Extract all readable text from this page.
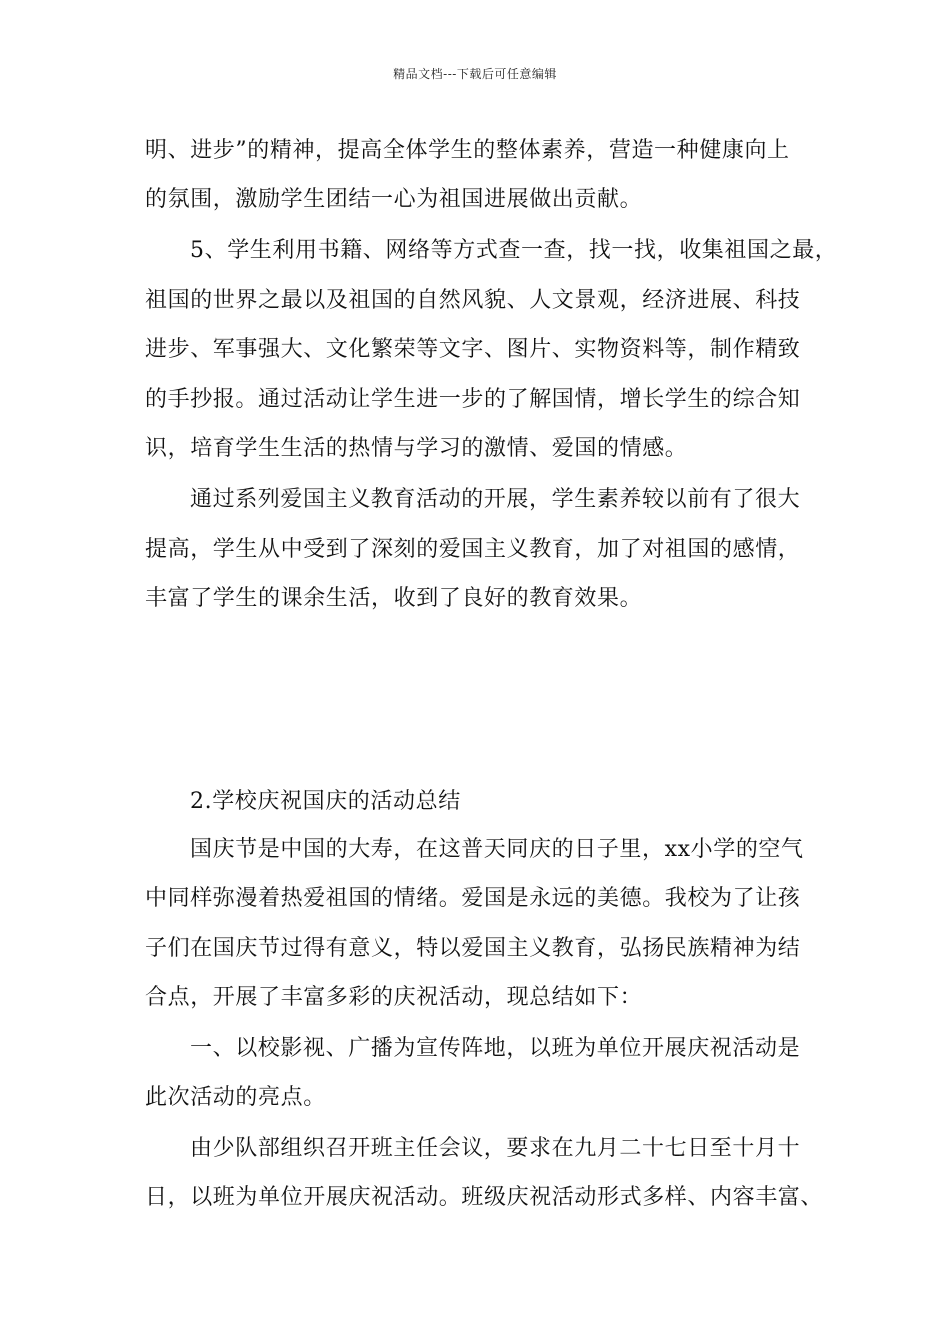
精品文档---下载后可任意编辑
明、进步”的精神，提高全体学生的整体素养，营造一种健康向上
的氛围，激励学生团结一心为祖国进展做出贡献。
5、学生利用书籍、网络等方式查一查，找一找，收集祖国之最，
祖国的世界之最以及祖国的自然风貌、人文景观，经济进展、科技
进步、军事强大、文化繁荣等文字、图片、实物资料等，制作精致
的手抄报。通过活动让学生进一步的了解国情，增长学生的综合知
识，培育学生生活的热情与学习的激情、爱国的情感。
通过系列爱国主义教育活动的开展，学生素养较以前有了很大
提高，学生从中受到了深刻的爱国主义教育，加了对祖国的感情，
丰富了学生的课余生活，收到了良好的教育效果。
2.学校庆祝国庆的活动总结
国庆节是中国的大寿，在这普天同庆的日子里，xx小学的空气
中同样弥漫着热爱祖国的情绪。爱国是永远的美德。我校为了让孩
子们在国庆节过得有意义，特以爱国主义教育，弘扬民族精神为结
合点，开展了丰富多彩的庆祝活动，现总结如下：
一、以校影视、广播为宣传阵地，以班为单位开展庆祝活动是
此次活动的亮点。
由少队部组织召开班主任会议，要求在九月二十七日至十月十
日，以班为单位开展庆祝活动。班级庆祝活动形式多样、内容丰富、
